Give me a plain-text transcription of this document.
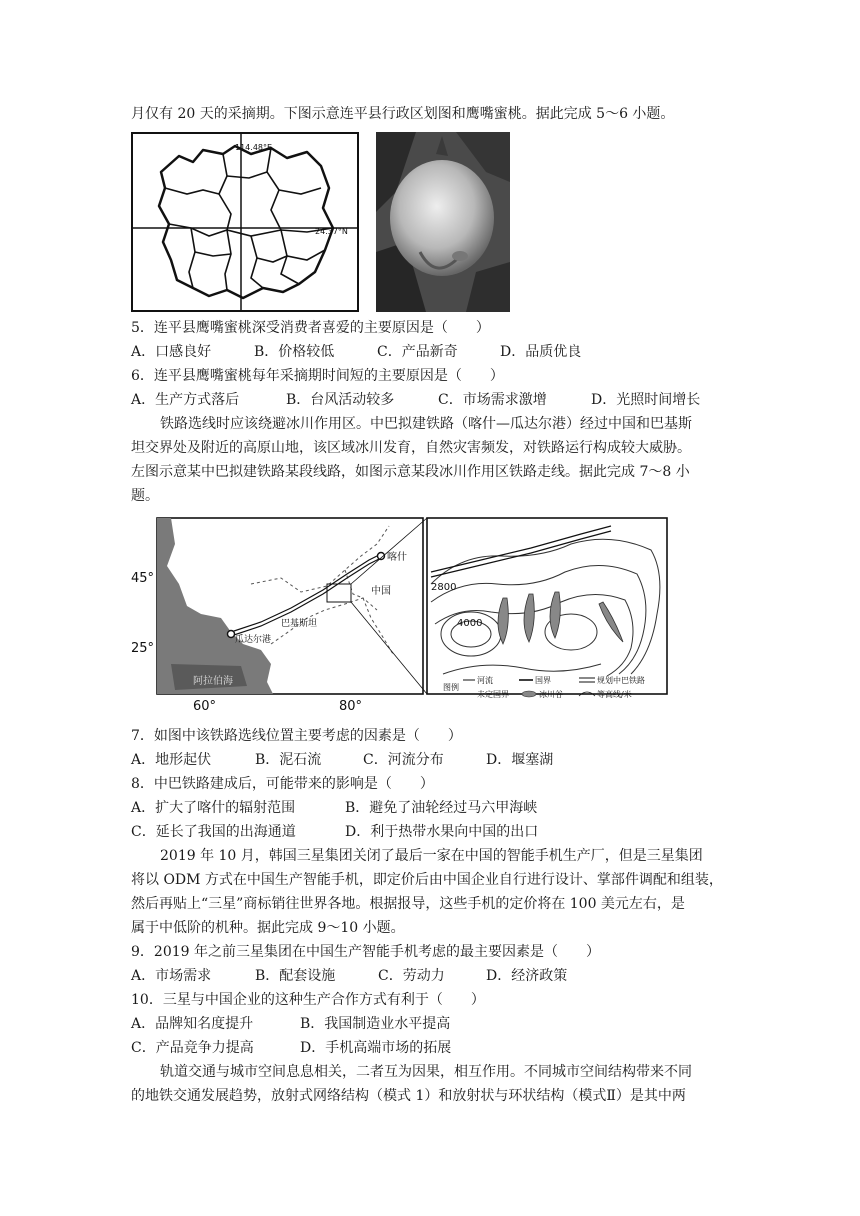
月仅有 20 天的采摘期。下图示意连平县行政区划图和鹰嘴蜜桃。据此完成 5～6 小题。
114.48°E
24.37°N
5．连平县鹰嘴蜜桃深受消费者喜爱的主要原因是（　　）
A．口感良好	B．价格较低	C．产品新奇	D．品质优良
6．连平县鹰嘴蜜桃每年采摘期时间短的主要原因是（　　）
A．生产方式落后	B．台风活动较多	C．市场需求激增	D．光照时间增长
铁路选线时应该绕避冰川作用区。中巴拟建铁路（喀什—瓜达尔港）经过中国和巴基斯
坦交界处及附近的高原山地，该区域冰川发育，自然灾害频发，对铁路运行构成较大威胁。
左图示意某中巴拟建铁路某段线路，如图示意某段冰川作用区铁路走线。据此完成 7～8 小
题。
阿拉伯海
喀什
中国
巴基斯坦
瓜达尔港
45°
25°
60°	80°
2800
4000
图例
河流	国界	规划中巴铁路
未定国界	冰川谷	等高线/米
7．如图中该铁路选线位置主要考虑的因素是（　　）
A．地形起伏	B．泥石流	C．河流分布	D．堰塞湖
8．中巴铁路建成后，可能带来的影响是（　　）
A．扩大了喀什的辐射范围	B．避免了油轮经过马六甲海峡
C．延长了我国的出海通道	D．利于热带水果向中国的出口
2019 年 10 月，韩国三星集团关闭了最后一家在中国的智能手机生产厂，但是三星集团
将以 ODM 方式在中国生产智能手机，即定价后由中国企业自行进行设计、掌部件调配和组装，
然后再贴上“三星”商标销往世界各地。根据报导，这些手机的定价将在 100 美元左右，是
属于中低阶的机种。据此完成 9～10 小题。
9．2019 年之前三星集团在中国生产智能手机考虑的最主要因素是（　　）
A．市场需求	B．配套设施	C．劳动力	D．经济政策
10．三星与中国企业的这种生产合作方式有利于（　　）
A．品牌知名度提升	B．我国制造业水平提高
C．产品竞争力提高	D．手机高端市场的拓展
轨道交通与城市空间息息相关，二者互为因果，相互作用。不同城市空间结构带来不同
的地铁交通发展趋势，放射式网络结构（模式 1）和放射状与环状结构（模式Ⅱ）是其中两
